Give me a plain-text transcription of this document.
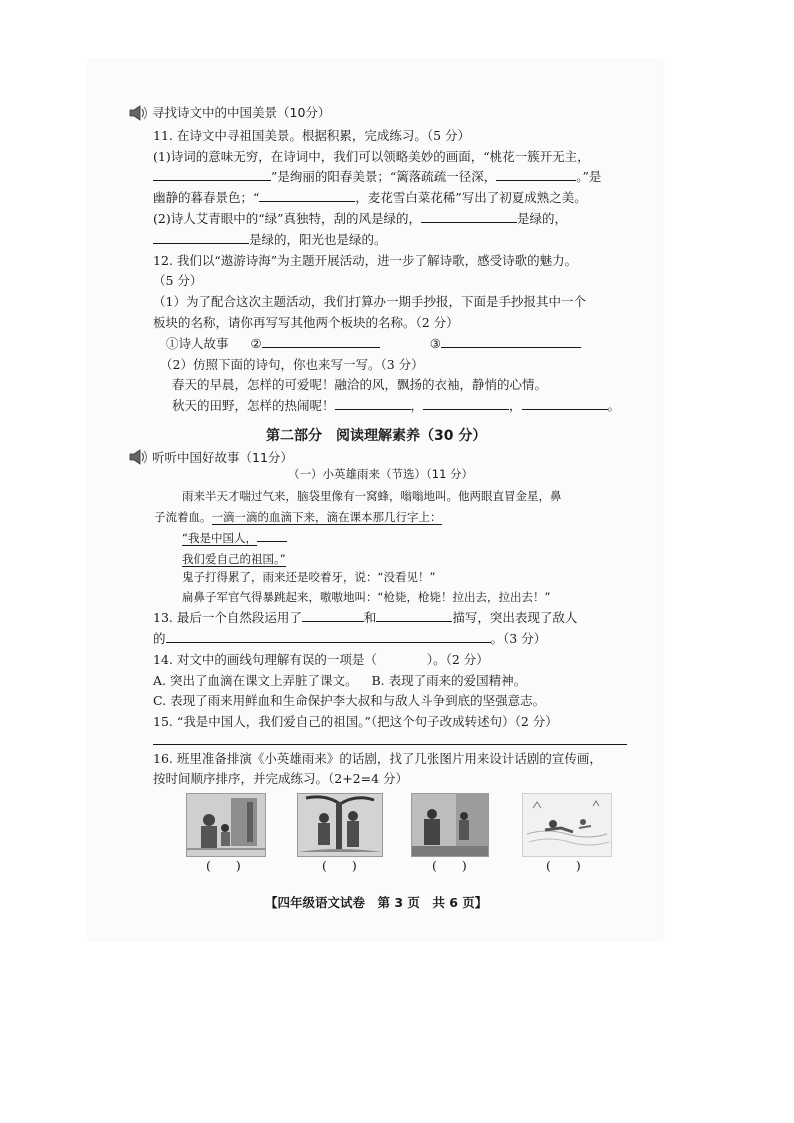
寻找诗文中的中国美景（10分）
11. 在诗文中寻祖国美景。根据积累，完成练习。（5 分）
(1)诗词的意味无穷，在诗词中，我们可以领略美妙的画面，“桃花一簇开无主，
”是绚丽的阳春美景；“篱落疏疏一径深，	。”是
幽静的暮春景色；“	，麦花雪白菜花稀”写出了初夏成熟之美。
(2)诗人艾青眼中的“绿”真独特，刮的风是绿的，	是绿的，
是绿的，阳光也是绿的。
12. 我们以“遨游诗海”为主题开展活动，进一步了解诗歌，感受诗歌的魅力。
（5 分）
（1）为了配合这次主题活动，我们打算办一期手抄报，下面是手抄报其中一个
板块的名称，请你再写写其他两个板块的名称。（2 分）
①诗人故事 ②	③
（2）仿照下面的诗句，你也来写一写。（3 分）
春天的早晨，怎样的可爱呢！融洽的风，飘扬的衣袖，静悄的心情。
秋天的田野，怎样的热闹呢！	，	，	。
第二部分　阅读理解素养（30 分）
听听中国好故事（11分）
（一）小英雄雨来（节选）（11 分）
雨来半天才喘过气来，脑袋里像有一窝蜂，嗡嗡地叫。他两眼直冒金星，鼻
子流着血。一滴一滴的血滴下来，滴在课本那几行字上：
“我是中国人，
我们爱自己的祖国。”
鬼子打得累了，雨来还是咬着牙，说：“没看见！”
扁鼻子军官气得暴跳起来，嗷嗷地叫：“枪毙，枪毙！拉出去，拉出去！”
13. 最后一个自然段运用了	和	描写，突出表现了敌人
的	。（3 分）
14. 对文中的画线句理解有误的一项是（　　　　）。（2 分）
A. 突出了血滴在课文上弄脏了课文。 B. 表现了雨来的爱国精神。
C. 表现了雨来用鲜血和生命保护李大叔和与敌人斗争到底的坚强意志。
15. “我是中国人，我们爱自己的祖国。”（把这个句子改成转述句）（2 分）
16. 班里准备排演《小英雄雨来》的话剧，找了几张图片用来设计话剧的宣传画，
按时间顺序排序，并完成练习。（2+2=4 分）
(　　)	(　　)	(　　)	(　　)
【四年级语文试卷　第 3 页　共 6 页】
